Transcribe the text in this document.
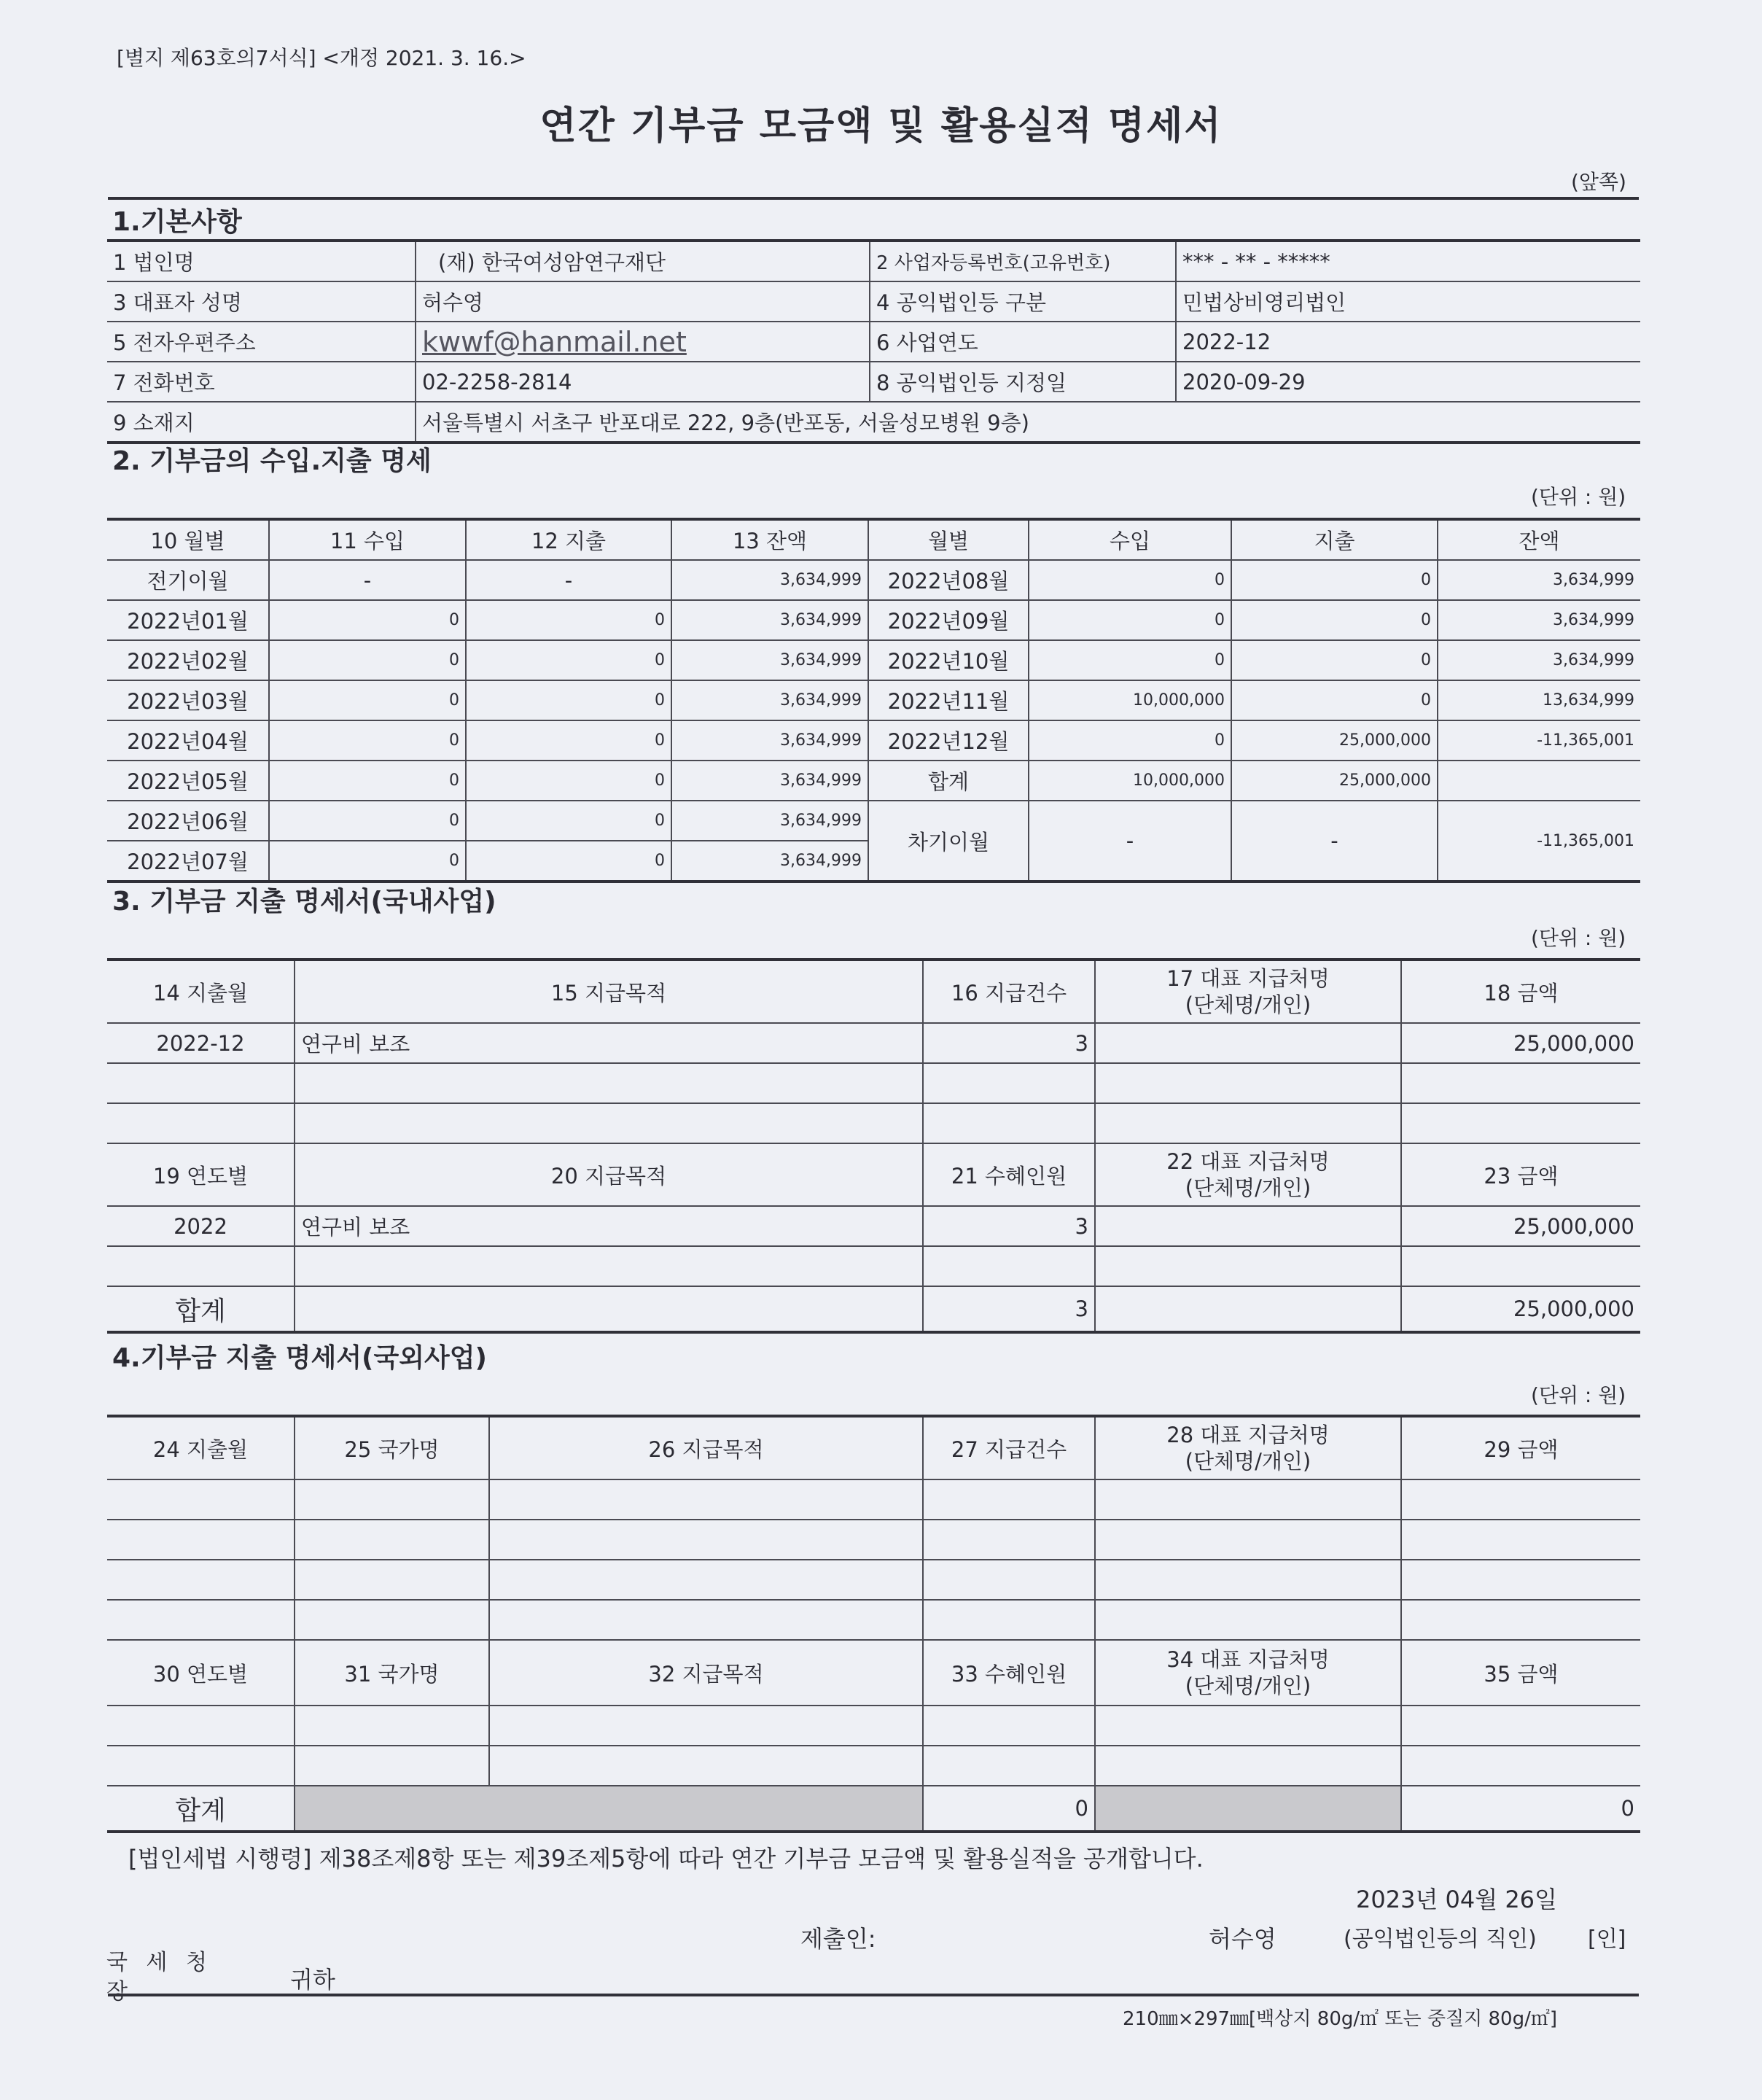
[별지 제63호의7서식] <개정 2021. 3. 16.>
연간 기부금 모금액 및 활용실적 명세서
(앞쪽)
1.기본사항
1 법인명	(재) 한국여성암연구재단	2 사업자등록번호(고유번호)	*** - ** - *****
3 대표자 성명	허수영	4 공익법인등 구분	민법상비영리법인
5 전자우편주소	kwwf@hanmail.net	6 사업연도	2022-12
7 전화번호	02-2258-2814	8 공익법인등 지정일	2020-09-29
9 소재지	서울특별시 서초구 반포대로 222, 9층(반포동, 서울성모병원 9층)		
2. 기부금의 수입.지출 명세
(단위 : 원)
10 월별	11 수입	12 지출	13 잔액	월별	수입	지출	잔액
전기이월	-	-	3,634,999	2022년08월	0	0	3,634,999
2022년01월	0	0	3,634,999	2022년09월	0	0	3,634,999
2022년02월	0	0	3,634,999	2022년10월	0	0	3,634,999
2022년03월	0	0	3,634,999	2022년11월	10,000,000	0	13,634,999
2022년04월	0	0	3,634,999	2022년12월	0	25,000,000	-11,365,001
2022년05월	0	0	3,634,999	합계	10,000,000	25,000,000	
2022년06월	0	0	3,634,999	차기이월	-	-	-11,365,001
2022년07월	0	0	3,634,999				
3. 기부금 지출 명세서(국내사업)
(단위 : 원)
14 지출월	15 지급목적	16 지급건수	17 대표 지급처명
(단체명/개인)	18 금액
2022-12	연구비 보조	3		25,000,000

19 연도별	20 지급목적	21 수혜인원	22 대표 지급처명
(단체명/개인)	23 금액
2022	연구비 보조	3		25,000,000

합계		3		25,000,000
4.기부금 지출 명세서(국외사업)
(단위 : 원)
24 지출월	25 국가명	26 지급목적	27 지급건수	28 대표 지급처명
(단체명/개인)	29 금액

30 연도별	31 국가명	32 지급목적	33 수혜인원	34 대표 지급처명
(단체명/개인)	35 금액

합계			0		0
[법인세법 시행령] 제38조제8항 또는 제39조제5항에 따라 연간 기부금 모금액 및 활용실적을 공개합니다.
2023년 04월 26일
제출인:	허수영	(공익법인등의 직인) [인]
국 세 청 장	귀하
210㎜×297㎜[백상지 80g/㎡ 또는 중질지 80g/㎡]
